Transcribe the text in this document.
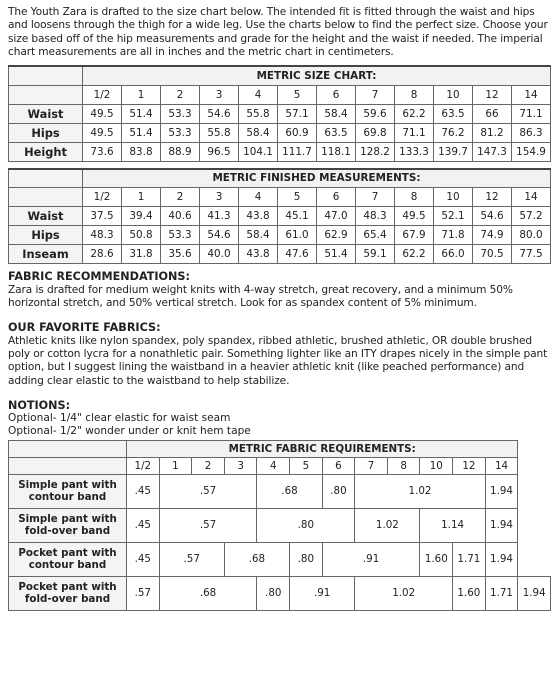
The Youth Zara is drafted to the size chart below. The intended fit is fitted through the waist and hips and loosens through the thigh for a wide leg. Use the charts below to find the perfect size. Choose your size based off of the hip measurements and grade for the height and the waist if needed. The imperial chart measurements are all in inches and the metric chart in centimeters.

	METRIC SIZE CHART:											
	1/2	1	2	3	4	5	6	7	8	10	12	14
Waist	49.5	51.4	53.3	54.6	55.8	57.1	58.4	59.6	62.2	63.5	66	71.1
Hips	49.5	51.4	53.3	55.8	58.4	60.9	63.5	69.8	71.1	76.2	81.2	86.3
Height	73.6	83.8	88.9	96.5	104.1	111.7	118.1	128.2	133.3	139.7	147.3	154.9
	METRIC FINISHED MEASUREMENTS:											
	1/2	1	2	3	4	5	6	7	8	10	12	14
Waist	37.5	39.4	40.6	41.3	43.8	45.1	47.0	48.3	49.5	52.1	54.6	57.2
Hips	48.3	50.8	53.3	54.6	58.4	61.0	62.9	65.4	67.9	71.8	74.9	80.0
Inseam	28.6	31.8	35.6	40.0	43.8	47.6	51.4	59.1	62.2	66.0	70.5	77.5

FABRIC RECOMMENDATIONS:

Zara is drafted for medium weight knits with 4-way stretch, great recovery, and a minimum 50% horizontal stretch, and 50% vertical stretch. Look for as spandex content of 5% minimum.

OUR FAVORITE FABRICS:

Athletic knits like nylon spandex, poly spandex, ribbed athletic, brushed athletic, OR double brushed poly or cotton lycra for a nonathletic pair. Something lighter like an ITY drapes nicely in the simple pant option, but I suggest lining the waistband in a heavier athletic knit (like peached performance) and adding clear elastic to the waistband to help stabilize.

NOTIONS:

Optional- 1/4" clear elastic for waist seam

Optional- 1/2" wonder under or knit hem tape

	METRIC FABRIC REQUIREMENTS:												
	1/2	1	2	3	4	5	6	7	8	10	12	14	
Simple pant with contour band	.45	.57			.68		.80	1.02				1.94	
Simple pant with fold-over band	.45	.57			.80			1.02		1.14		1.94	
Pocket pant with contour band	.45	.57		.68		.80	.91			1.60	1.71	1.94	
Pocket pant with fold-over band	.57	.68			.80	.91		1.02			1.60	1.71	1.94
